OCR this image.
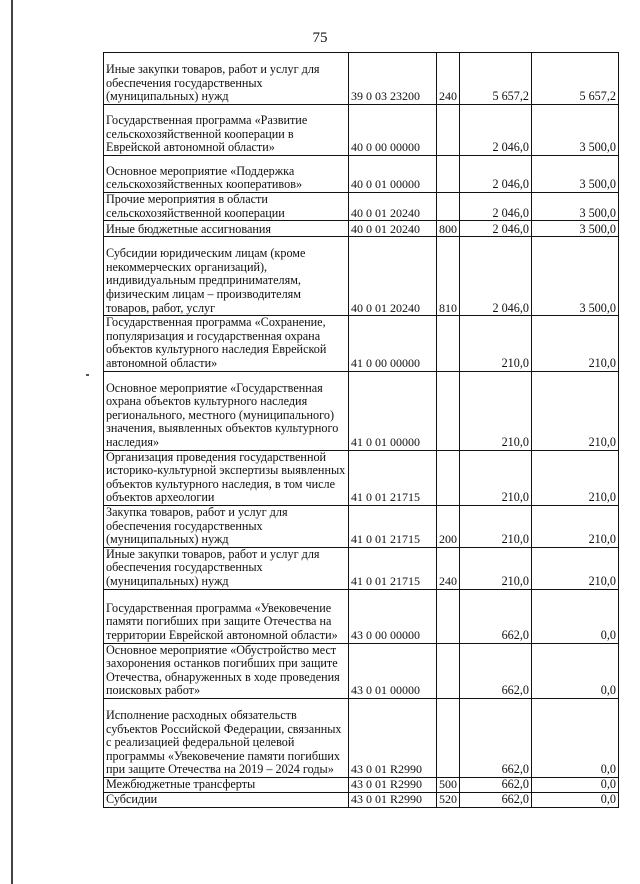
75
Иные закупки товаров, работ и услуг для обеспечения государственных (муниципальных) нужд	39 0 03 23200	240	5 657,2	5 657,2
Государственная программа «Развитие сельскохозяйственной кооперации в Еврейской автономной области»	40 0 00 00000		2 046,0	3 500,0
Основное мероприятие «Поддержка сельскохозяйственных кооперативов»	40 0 01 00000		2 046,0	3 500,0
Прочие мероприятия в области сельскохозяйственной кооперации	40 0 01 20240		2 046,0	3 500,0
Иные бюджетные ассигнования	40 0 01 20240	800	2 046,0	3 500,0
Субсидии юридическим лицам (кроме некоммерческих организаций), индивидуальным предпринимателям, физическим лицам – производителям товаров, работ, услуг	40 0 01 20240	810	2 046,0	3 500,0
Государственная программа «Сохранение, популяризация и государственная охрана объектов культурного наследия Еврейской автономной области»	41 0 00 00000		210,0	210,0
Основное мероприятие «Государственная охрана объектов культурного наследия регионального, местного (муниципального) значения, выявленных объектов культурного наследия»	41 0 01 00000		210,0	210,0
Организация проведения государственной историко-культурной экспертизы выявленных объектов культурного наследия, в том числе объектов археологии	41 0 01 21715		210,0	210,0
Закупка товаров, работ и услуг для обеспечения государственных (муниципальных) нужд	41 0 01 21715	200	210,0	210,0
Иные закупки товаров, работ и услуг для обеспечения государственных (муниципальных) нужд	41 0 01 21715	240	210,0	210,0
Государственная программа «Увековечение памяти погибших при защите Отечества на территории Еврейской автономной области»	43 0 00 00000		662,0	0,0
Основное мероприятие «Обустройство мест захоронения останков погибших при защите Отечества, обнаруженных в ходе проведения поисковых работ»	43 0 01 00000		662,0	0,0
Исполнение расходных обязательств субъектов Российской Федерации, связанных с реализацией федеральной целевой программы «Увековечение памяти погибших при защите Отечества на 2019 – 2024 годы»	43 0 01 R2990		662,0	0,0
Межбюджетные трансферты	43 0 01 R2990	500	662,0	0,0
Субсидии	43 0 01 R2990	520	662,0	0,0
